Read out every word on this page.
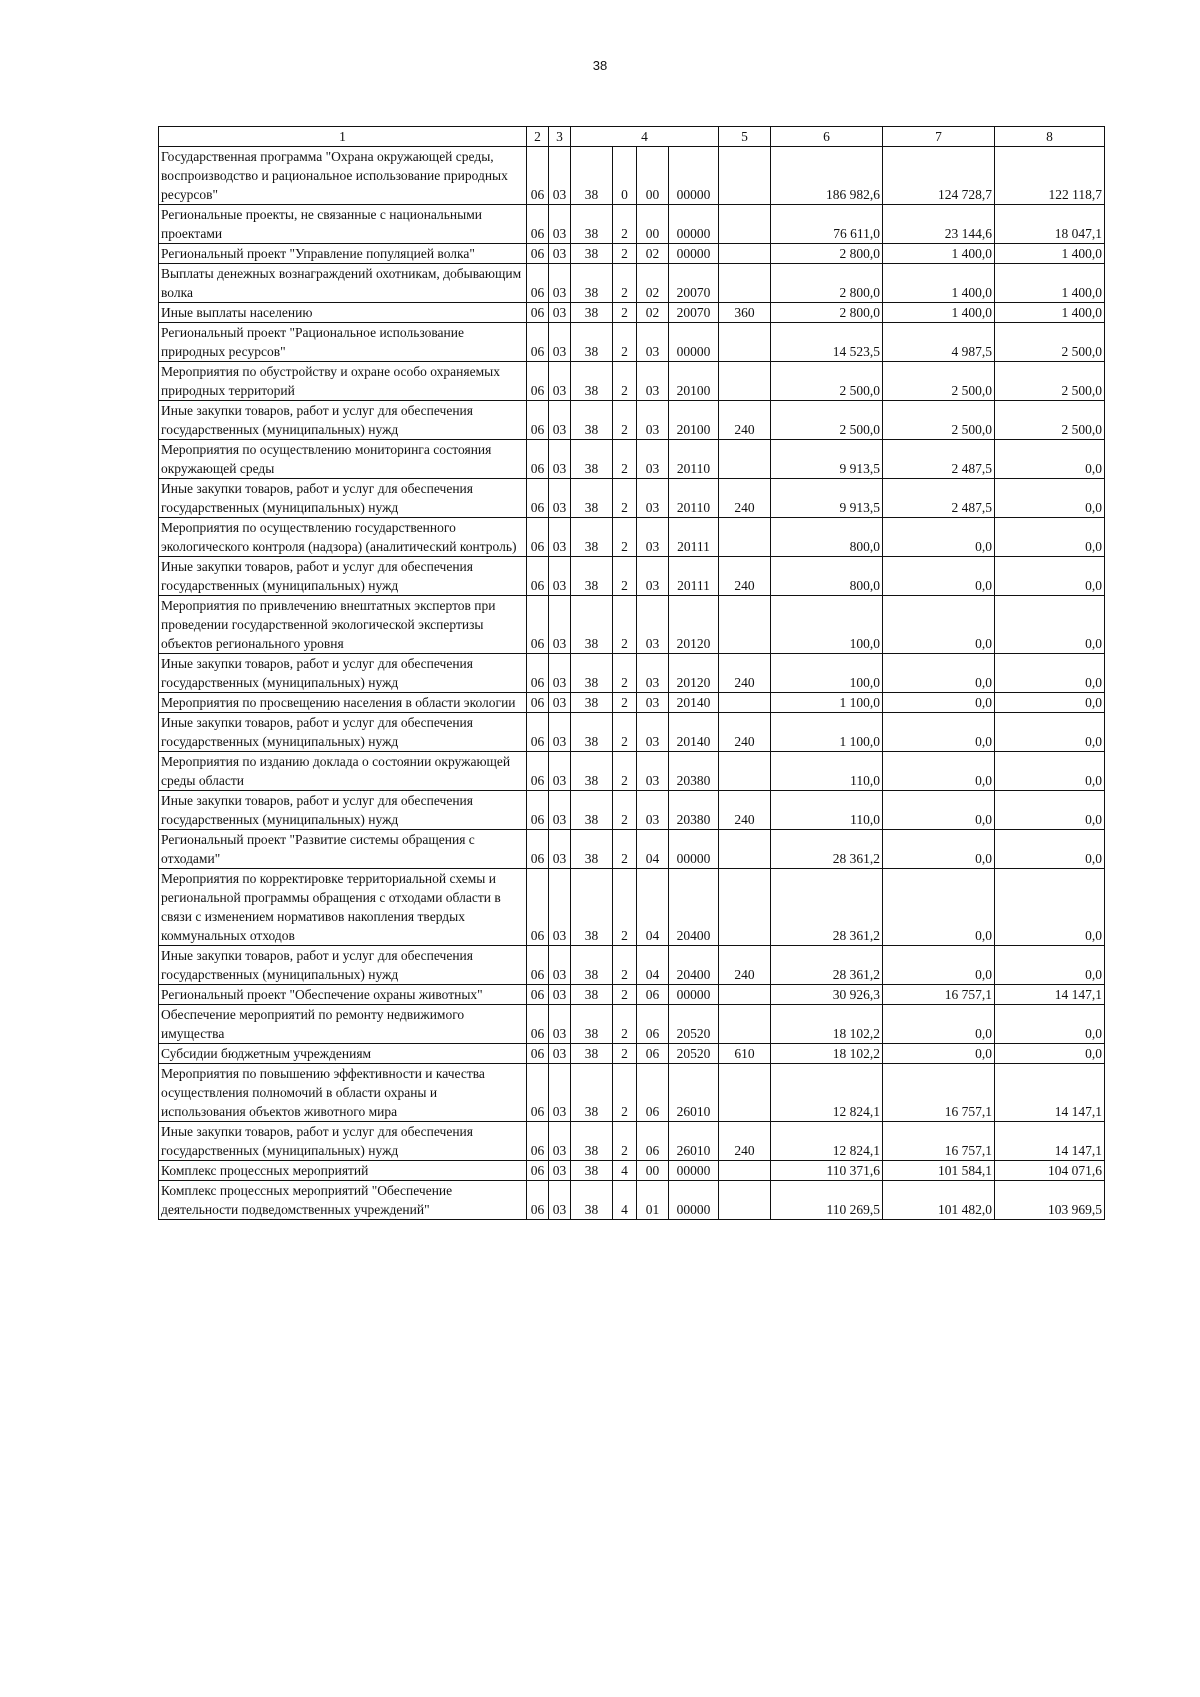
38
1	2	3	4				5	6	7	8
Государственная программа "Охрана окружающей среды, воспроизводство и рациональное использование природных ресурсов"	06	03	38	0	00	00000		186 982,6	124 728,7	122 118,7
Региональные проекты, не связанные с национальными проектами	06	03	38	2	00	00000		76 611,0	23 144,6	18 047,1
Региональный проект "Управление популяцией волка"	06	03	38	2	02	00000		2 800,0	1 400,0	1 400,0
Выплаты денежных вознаграждений охотникам, добывающим волка	06	03	38	2	02	20070		2 800,0	1 400,0	1 400,0
Иные выплаты населению	06	03	38	2	02	20070	360	2 800,0	1 400,0	1 400,0
Региональный проект "Рациональное использование природных ресурсов"	06	03	38	2	03	00000		14 523,5	4 987,5	2 500,0
Мероприятия по обустройству и охране особо охраняемых природных территорий	06	03	38	2	03	20100		2 500,0	2 500,0	2 500,0
Иные закупки товаров, работ и услуг для обеспечения государственных (муниципальных) нужд	06	03	38	2	03	20100	240	2 500,0	2 500,0	2 500,0
Мероприятия по осуществлению мониторинга состояния окружающей среды	06	03	38	2	03	20110		9 913,5	2 487,5	0,0
Иные закупки товаров, работ и услуг для обеспечения государственных (муниципальных) нужд	06	03	38	2	03	20110	240	9 913,5	2 487,5	0,0
Мероприятия по осуществлению государственного экологического контроля (надзора) (аналитический контроль)	06	03	38	2	03	20111		800,0	0,0	0,0
Иные закупки товаров, работ и услуг для обеспечения государственных (муниципальных) нужд	06	03	38	2	03	20111	240	800,0	0,0	0,0
Мероприятия по привлечению внештатных экспертов при проведении государственной экологической экспертизы объектов регионального уровня	06	03	38	2	03	20120		100,0	0,0	0,0
Иные закупки товаров, работ и услуг для обеспечения государственных (муниципальных) нужд	06	03	38	2	03	20120	240	100,0	0,0	0,0
Мероприятия по просвещению населения в области экологии	06	03	38	2	03	20140		1 100,0	0,0	0,0
Иные закупки товаров, работ и услуг для обеспечения государственных (муниципальных) нужд	06	03	38	2	03	20140	240	1 100,0	0,0	0,0
Мероприятия по изданию доклада о состоянии окружающей среды области	06	03	38	2	03	20380		110,0	0,0	0,0
Иные закупки товаров, работ и услуг для обеспечения государственных (муниципальных) нужд	06	03	38	2	03	20380	240	110,0	0,0	0,0
Региональный проект "Развитие системы обращения с отходами"	06	03	38	2	04	00000		28 361,2	0,0	0,0
Мероприятия по корректировке территориальной схемы и региональной программы обращения с отходами области в связи с изменением нормативов накопления твердых коммунальных отходов	06	03	38	2	04	20400		28 361,2	0,0	0,0
Иные закупки товаров, работ и услуг для обеспечения государственных (муниципальных) нужд	06	03	38	2	04	20400	240	28 361,2	0,0	0,0
Региональный проект "Обеспечение охраны животных"	06	03	38	2	06	00000		30 926,3	16 757,1	14 147,1
Обеспечение мероприятий по ремонту недвижимого имущества	06	03	38	2	06	20520		18 102,2	0,0	0,0
Субсидии бюджетным учреждениям	06	03	38	2	06	20520	610	18 102,2	0,0	0,0
Мероприятия по повышению эффективности и качества осуществления полномочий в области охраны и использования объектов животного мира	06	03	38	2	06	26010		12 824,1	16 757,1	14 147,1
Иные закупки товаров, работ и услуг для обеспечения государственных (муниципальных) нужд	06	03	38	2	06	26010	240	12 824,1	16 757,1	14 147,1
Комплекс процессных мероприятий	06	03	38	4	00	00000		110 371,6	101 584,1	104 071,6
Комплекс процессных мероприятий "Обеспечение деятельности подведомственных учреждений"	06	03	38	4	01	00000		110 269,5	101 482,0	103 969,5
